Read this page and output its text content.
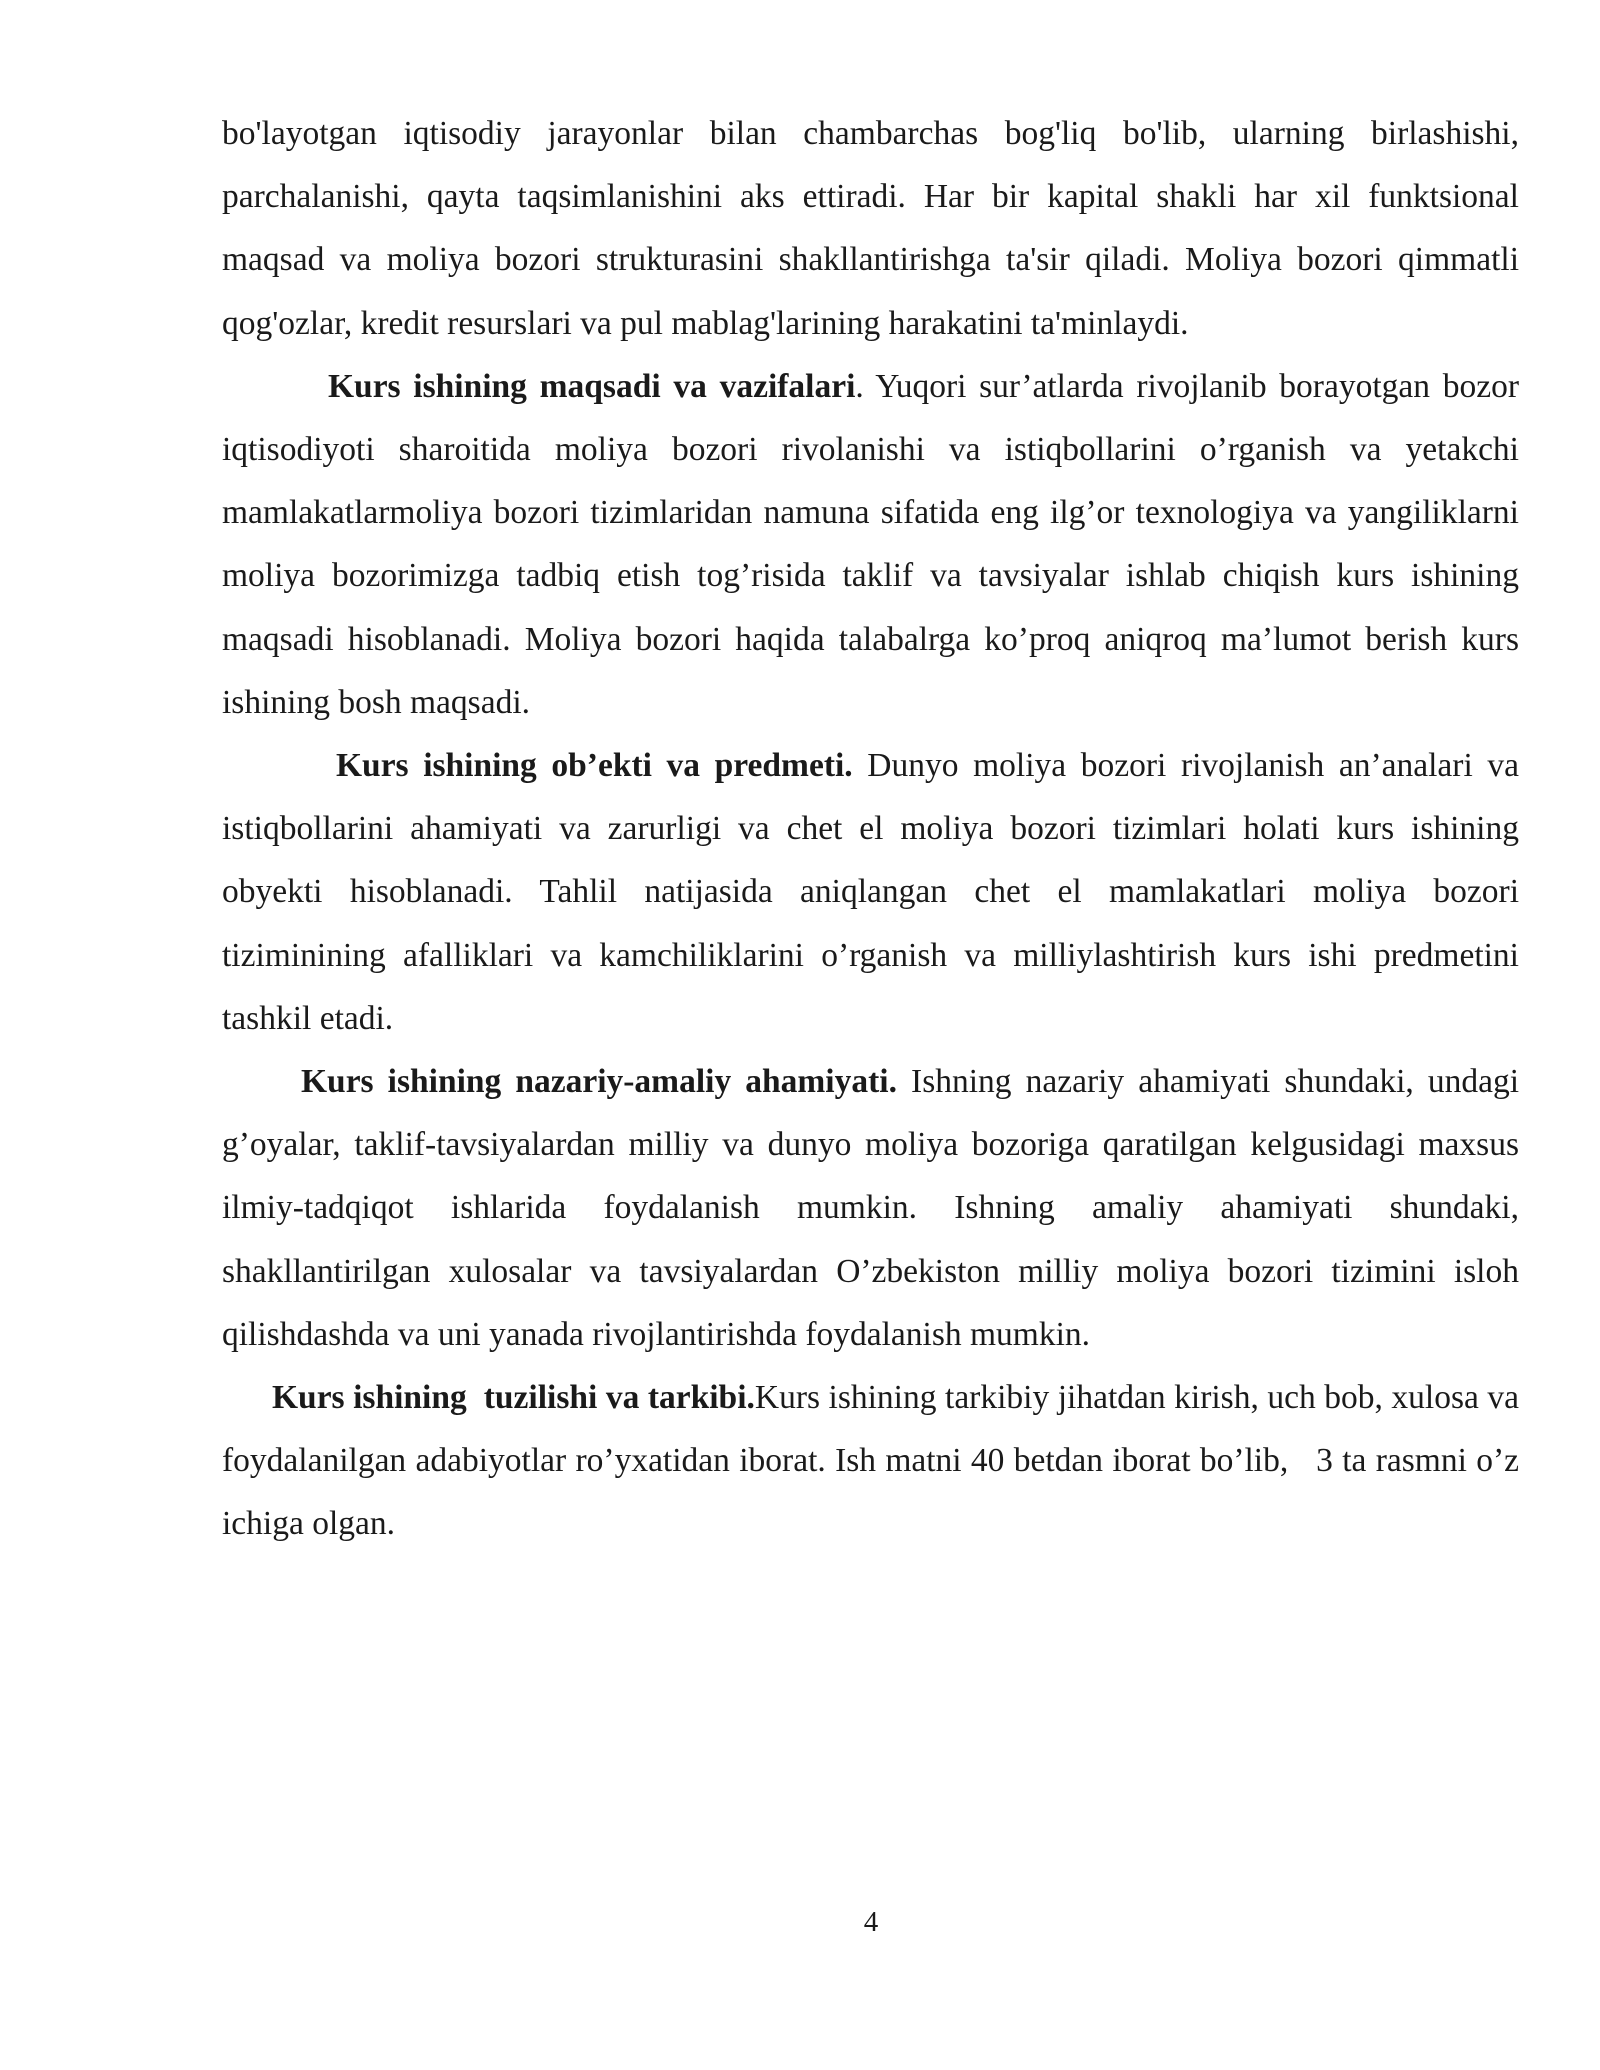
bo'layotgan iqtisodiy jarayonlar bilan chambarchas bog'liq bo'lib, ularning birlashishi, parchalanishi, qayta taqsimlanishini aks ettiradi. Har bir kapital shakli har xil funktsional maqsad va moliya bozori strukturasini shakllantirishga ta'sir qiladi. Moliya bozori qimmatli qog'ozlar, kredit resurslari va pul mablag'larining harakatini ta'minlaydi.

Kurs ishining maqsadi va vazifalari. Yuqori sur’atlarda rivojlanib borayotgan bozor iqtisodiyoti sharoitida moliya bozori rivolanishi va istiqbollarini o’rganish va yetakchi mamlakatlarmoliya bozori tizimlaridan namuna sifatida eng ilg’or texnologiya va yangiliklarni moliya bozorimizga tadbiq etish tog’risida taklif va tavsiyalar ishlab chiqish kurs ishining maqsadi hisoblanadi. Moliya bozori haqida talabalrga ko’proq aniqroq ma’lumot berish kurs ishining bosh maqsadi.

Kurs ishining ob’ekti va predmeti. Dunyo moliya bozori rivojlanish an’analari va istiqbollarini ahamiyati va zarurligi va chet el moliya bozori tizimlari holati kurs ishining obyekti hisoblanadi. Tahlil natijasida aniqlangan chet el mamlakatlari moliya bozori tiziminining afalliklari va kamchiliklarini o’rganish va milliylashtirish kurs ishi predmetini tashkil etadi.

Kurs ishining nazariy-amaliy ahamiyati. Ishning nazariy ahamiyati shundaki, undagi g’oyalar, taklif-tavsiyalardan milliy va dunyo moliya bozoriga qaratilgan kelgusidagi maxsus ilmiy-tadqiqot ishlarida foydalanish mumkin. Ishning amaliy ahamiyati shundaki, shakllantirilgan xulosalar va tavsiyalardan O’zbekiston milliy moliya bozori tizimini isloh qilishdashda va uni yanada rivojlantirishda foydalanish mumkin.

Kurs ishining  tuzilishi va tarkibi.Kurs ishining tarkibiy jihatdan kirish, uch bob, xulosa va foydalanilgan adabiyotlar ro’yxatidan iborat. Ish matni 40 betdan iborat bo’lib,   3 ta rasmni o’z ichiga olgan.

4
